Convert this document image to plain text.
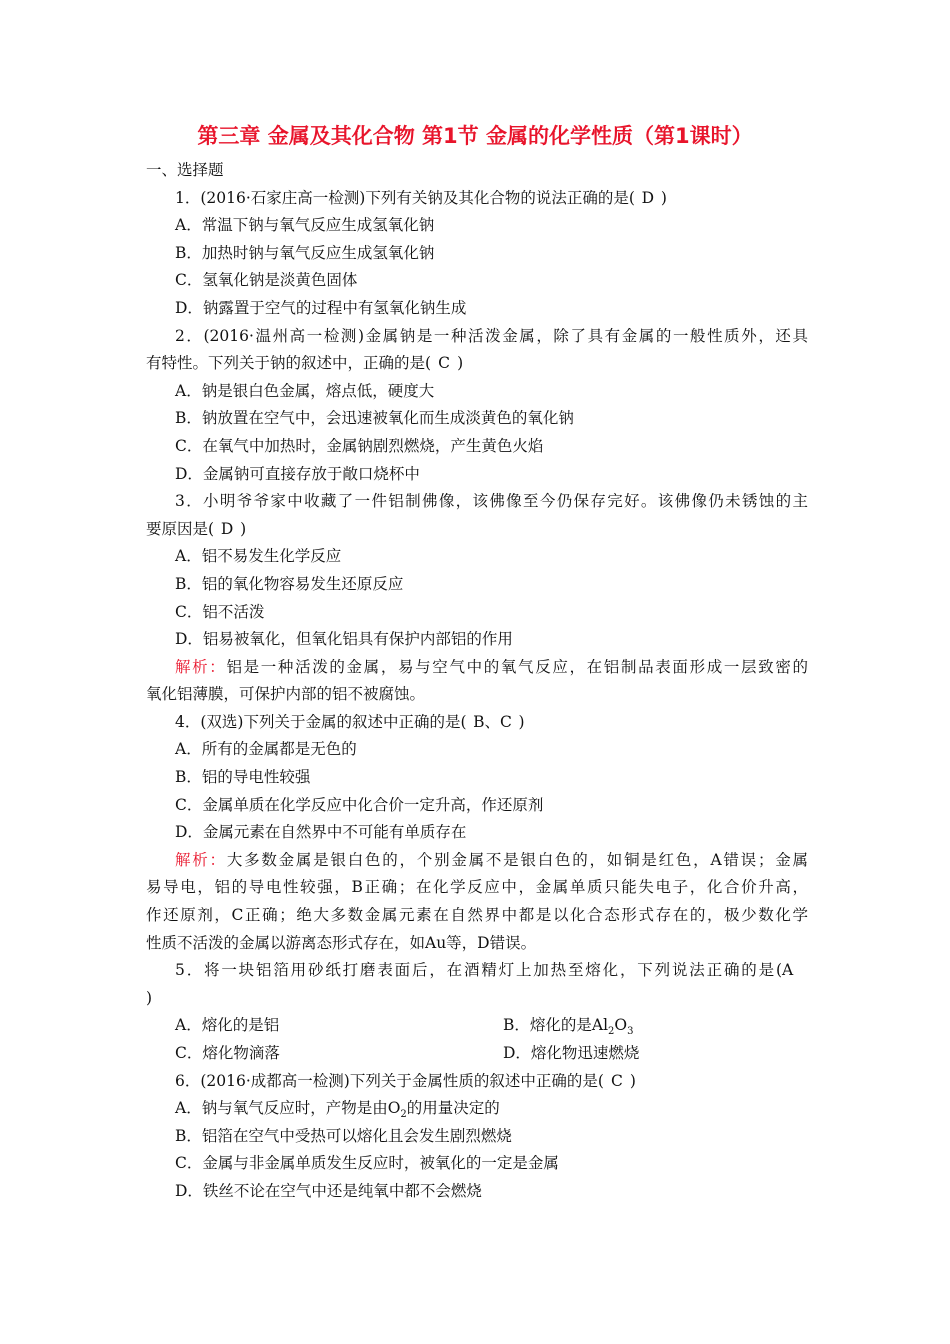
第三章 金属及其化合物 第1节 金属的化学性质（第1课时）
一、选择题
1．(2016·石家庄高一检测)下列有关钠及其化合物的说法正确的是( D )
A．常温下钠与氧气反应生成氢氧化钠
B．加热时钠与氧气反应生成氢氧化钠
C．氢氧化钠是淡黄色固体
D．钠露置于空气的过程中有氢氧化钠生成
2．(2016·温州高一检测)金属钠是一种活泼金属，除了具有金属的一般性质外，还具
有特性。下列关于钠的叙述中，正确的是( C )
A．钠是银白色金属，熔点低，硬度大
B．钠放置在空气中，会迅速被氧化而生成淡黄色的氧化钠
C．在氧气中加热时，金属钠剧烈燃烧，产生黄色火焰
D．金属钠可直接存放于敞口烧杯中
3．小明爷爷家中收藏了一件铝制佛像，该佛像至今仍保存完好。该佛像仍未锈蚀的主
要原因是( D )
A．铝不易发生化学反应
B．铝的氧化物容易发生还原反应
C．铝不活泼
D．铝易被氧化，但氧化铝具有保护内部铝的作用
解析：铝是一种活泼的金属，易与空气中的氧气反应，在铝制品表面形成一层致密的
氧化铝薄膜，可保护内部的铝不被腐蚀。
4．(双选)下列关于金属的叙述中正确的是( B、C )
A．所有的金属都是无色的
B．铝的导电性较强
C．金属单质在化学反应中化合价一定升高，作还原剂
D．金属元素在自然界中不可能有单质存在
解析：大多数金属是银白色的，个别金属不是银白色的，如铜是红色，A错误；金属
易导电，铝的导电性较强，B正确；在化学反应中，金属单质只能失电子，化合价升高，
作还原剂，C正确；绝大多数金属元素在自然界中都是以化合态形式存在的，极少数化学
性质不活泼的金属以游离态形式存在，如Au等，D错误。
5．将一块铝箔用砂纸打磨表面后，在酒精灯上加热至熔化，下列说法正确的是(A
)
A．熔化的是铝	B．熔化的是$Al_2O_3$
C．熔化物滴落	D．熔化物迅速燃烧
6．(2016·成都高一检测)下列关于金属性质的叙述中正确的是( C )
A．钠与氧气反应时，产物是由$O_2$的用量决定的
B．铝箔在空气中受热可以熔化且会发生剧烈燃烧
C．金属与非金属单质发生反应时，被氧化的一定是金属
D．铁丝不论在空气中还是纯氧中都不会燃烧
